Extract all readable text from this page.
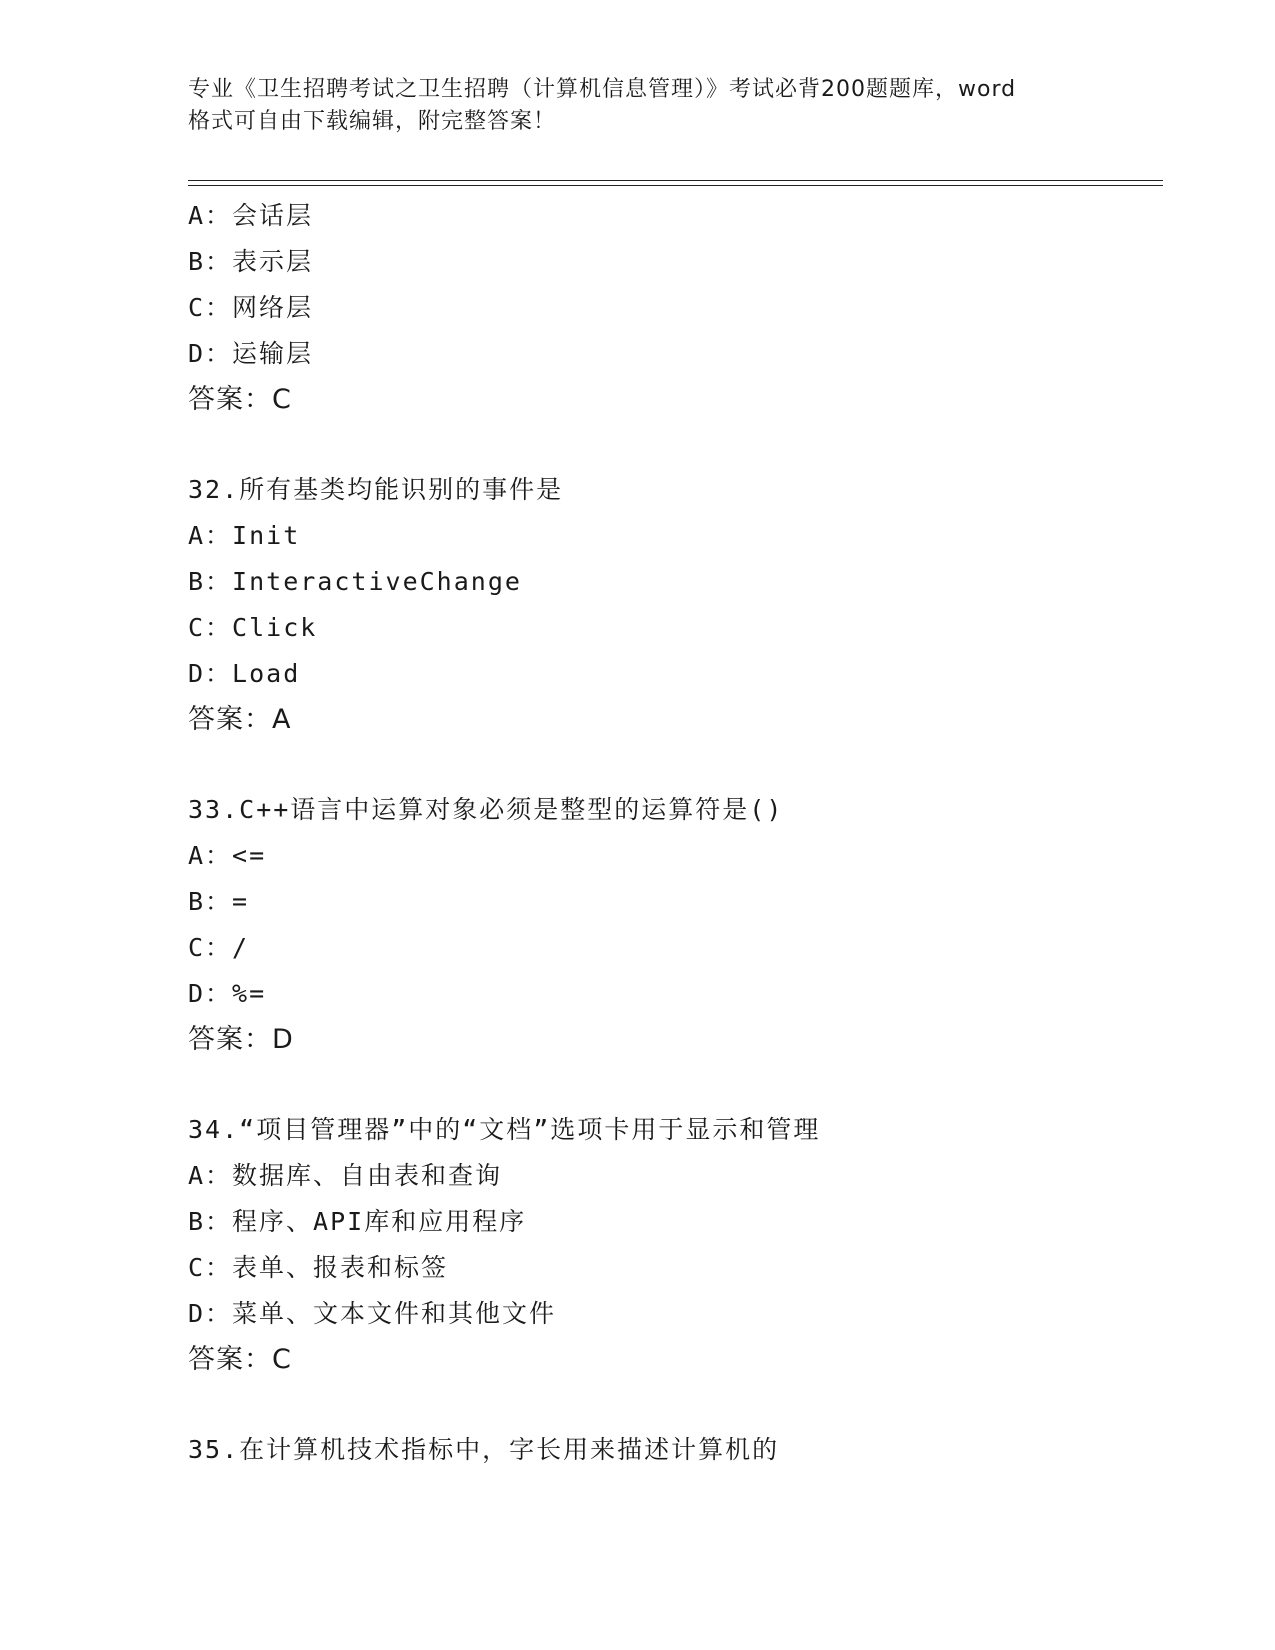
专业《卫生招聘考试之卫生招聘（计算机信息管理）》考试必背200题题库，word
格式可自由下载编辑，附完整答案！
A：会话层
B：表示层
C：网络层
D：运输层
答案：C
32.所有基类均能识别的事件是
A：Init
B：InteractiveChange
C：Click
D：Load
答案：A
33.C++语言中运算对象必须是整型的运算符是()
A：<=
B：=
C：/
D：%=
答案：D
34.“项目管理器”中的“文档”选项卡用于显示和管理
A：数据库、自由表和查询
B：程序、API库和应用程序
C：表单、报表和标签
D：菜单、文本文件和其他文件
答案：C
35.在计算机技术指标中，字长用来描述计算机的
